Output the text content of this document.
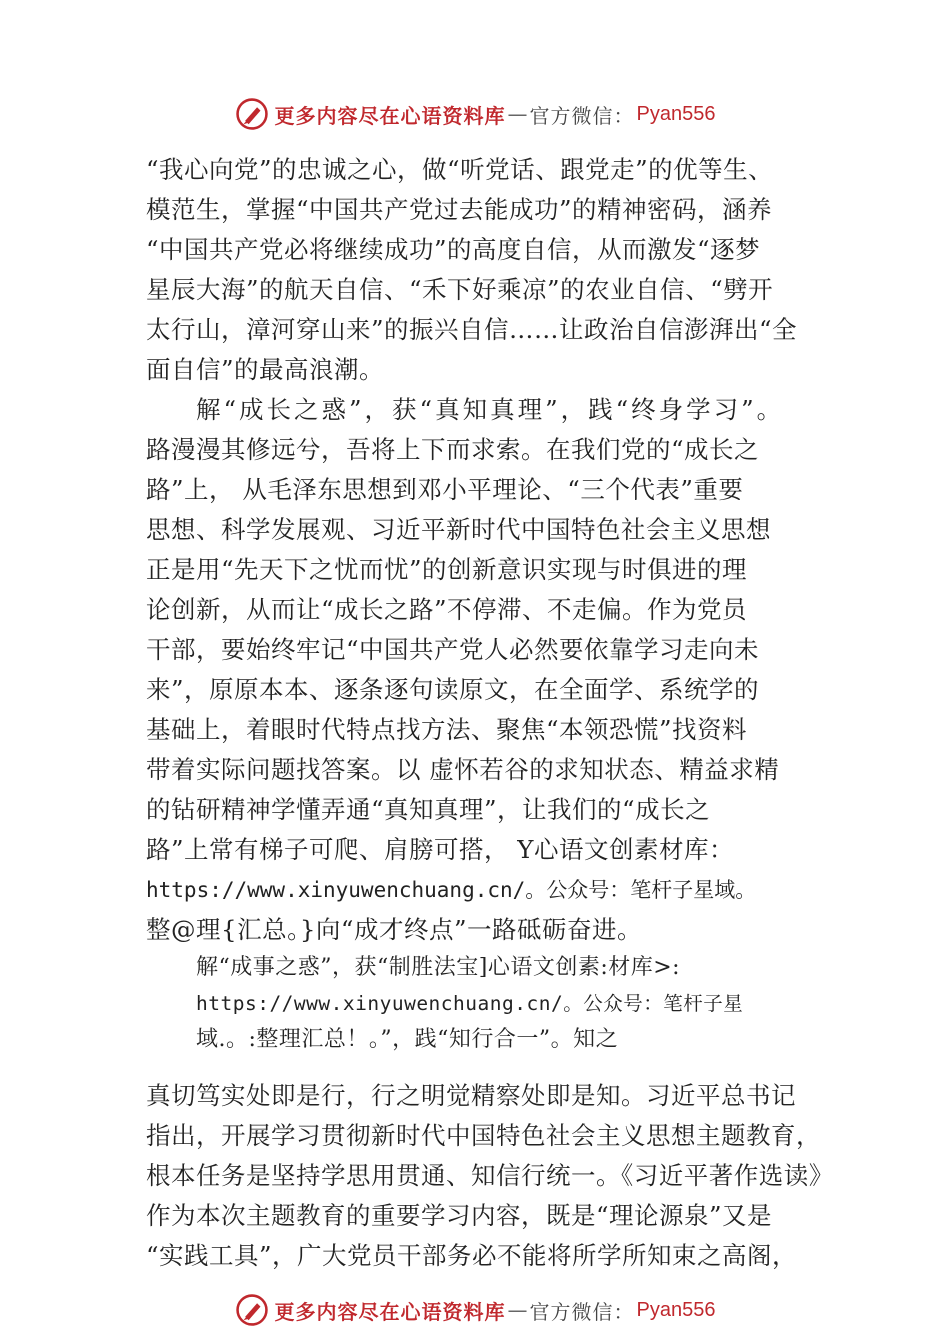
更多内容尽在心语资料库 — 官方微信： Pyan556
“我心向党”的忠诚之心，做“听党话、跟党走”的优等生、
模范生，掌握“中国共产党过去能成功”的精神密码，涵养
“中国共产党必将继续成功”的高度自信，从而激发“逐梦
星辰大海”的航天自信、“禾下好乘凉”的农业自信、“劈开
太行山，漳河穿山来”的振兴自信……让政治自信澎湃出“全
面自信”的最高浪潮。
解“成长之惑”，获“真知真理”，践“终身学习”。
路漫漫其修远兮，吾将上下而求索。在我们党的“成长之
路”上， 从毛泽东思想到邓小平理论、“三个代表”重要
思想、科学发展观、习近平新时代中国特色社会主义思想
正是用“先天下之忧而忧”的创新意识实现与时俱进的理
论创新，从而让“成长之路”不停滞、不走偏。作为党员
干部，要始终牢记“中国共产党人必然要依靠学习走向未
来”，原原本本、逐条逐句读原文，在全面学、系统学的
基础上，着眼时代特点找方法、聚焦“本领恐慌”找资料
带着实际问题找答案。以 虚怀若谷的求知状态、精益求精
的钻研精神学懂弄通“真知真理”，让我们的“成长之
路”上常有梯子可爬、肩膀可搭， Y心语文创素材库：
https://www.xinyuwenchuang.cn/。公众号：笔杆子星域。
整@理{汇总。}向“成才终点”一路砥砺奋进。
解“成事之惑”，获“制胜法宝]心语文创素:材库>:
https://www.xinyuwenchuang.cn/。公众号：笔杆子星
域.。:整理汇总！。”，践“知行合一”。知之
真切笃实处即是行，行之明觉精察处即是知。习近平总书记
指出，开展学习贯彻新时代中国特色社会主义思想主题教育，
根本任务是坚持学思用贯通、知信行统一。《习近平著作选读》
作为本次主题教育的重要学习内容，既是“理论源泉”又是
“实践工具”，广大党员干部务必不能将所学所知束之高阁，
更多内容尽在心语资料库 — 官方微信： Pyan556
